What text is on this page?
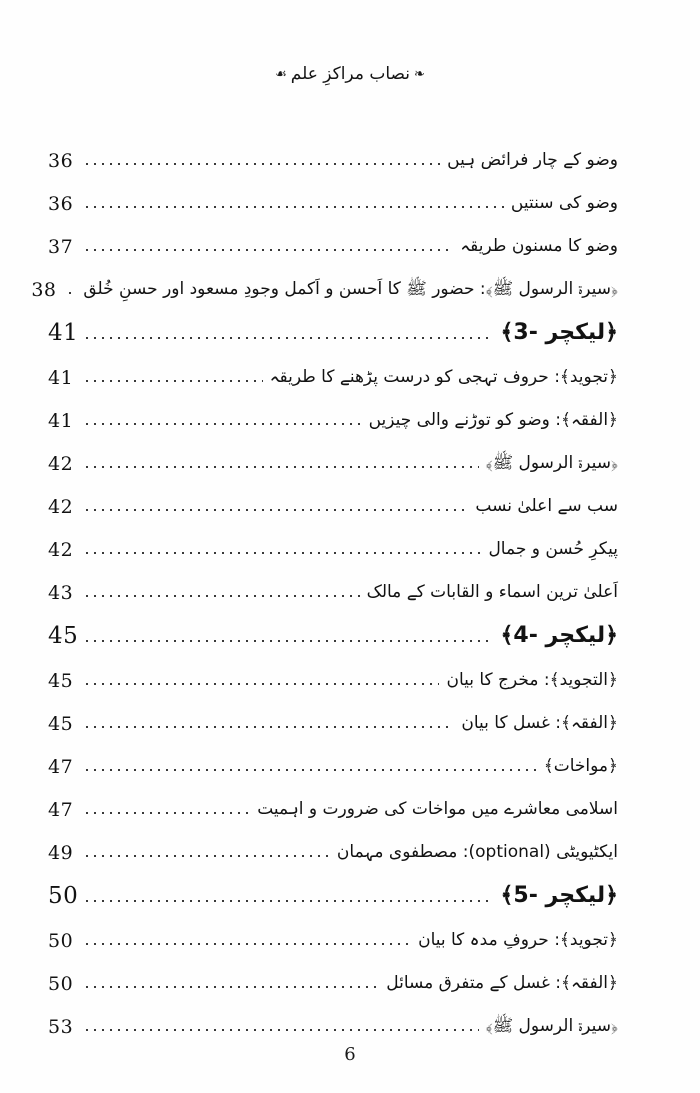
❧نصاب مراکزِ علم☙
وضو کے چار فرائض ہیں
36
وضو کی سنتیں
36
وضو کا مسنون طریقہ
37
﴿سیرۃ الرسول ﷺ﴾: حضور ﷺ کا اَحسن و اَکمل وجودِ مسعود اور حسنِ خُلق
38
﴿لیکچر -3﴾
41
﴿تجوید﴾: حروف تہجی کو درست پڑھنے کا طریقہ
41
﴿الفقہ﴾: وضو کو توڑنے والی چیزیں
41
﴿سیرۃ الرسول ﷺ﴾
42
سب سے اعلیٰ نسب
42
پیکرِ حُسن و جمال
42
اَعلیٰ ترین اسماء و القابات کے مالک
43
﴿لیکچر -4﴾
45
﴿التجوید﴾: مخرج کا بیان
45
﴿الفقہ﴾: غسل کا بیان
45
﴿مواخات﴾
47
اسلامی معاشرے میں مواخات کی ضرورت و اہمیت
47
ایکٹیویٹی (optional): مصطفوی مہمان
49
﴿لیکچر -5﴾
50
﴿تجوید﴾: حروفِ مدہ کا بیان
50
﴿الفقہ﴾: غسل کے متفرق مسائل
50
﴿سیرۃ الرسول ﷺ﴾
53
6
